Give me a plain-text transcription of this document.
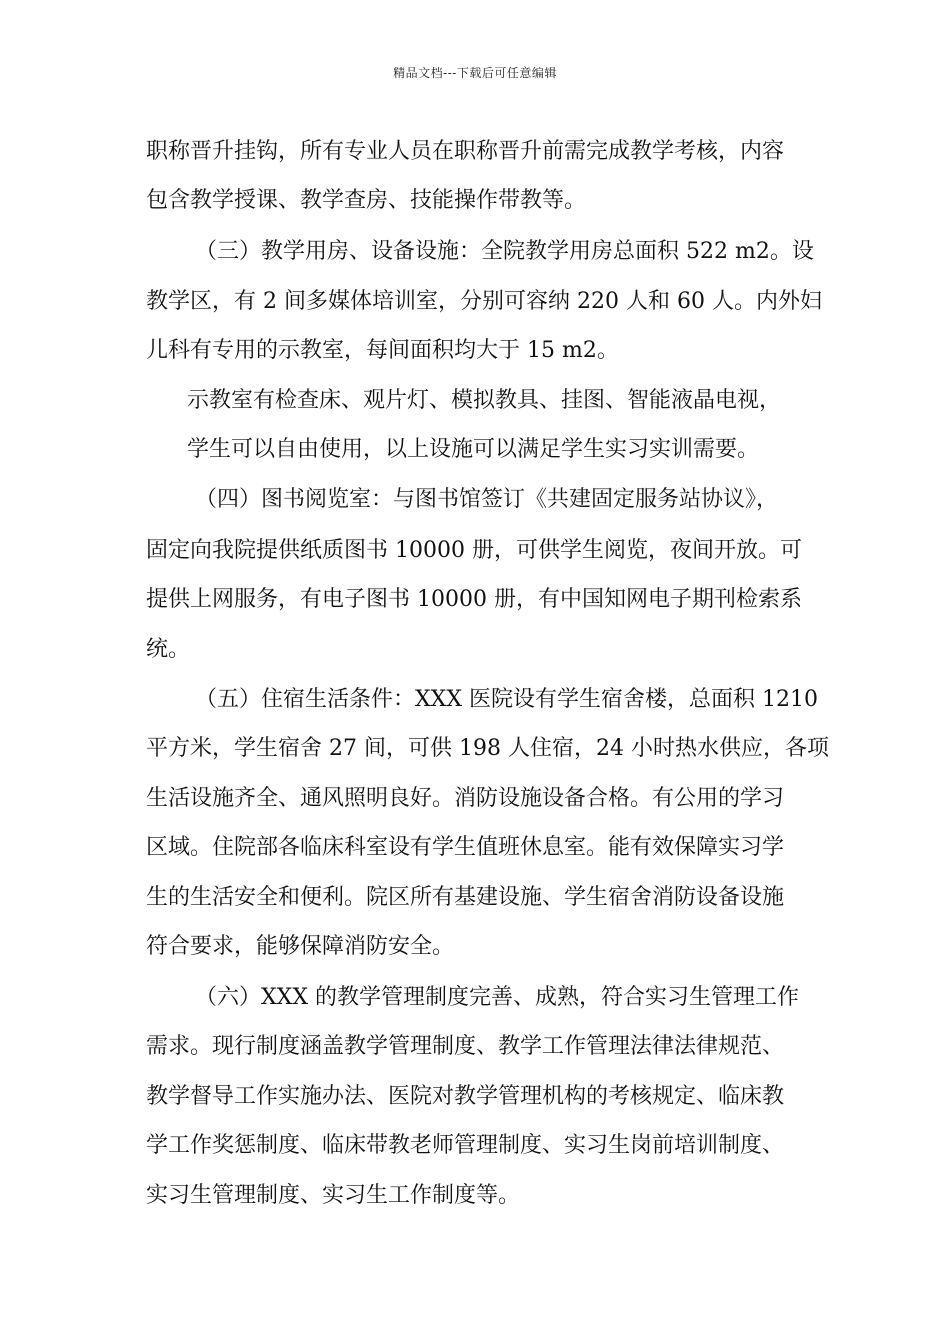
精品文档---下载后可任意编辑
职称晋升挂钩，所有专业人员在职称晋升前需完成教学考核，内容
包含教学授课、教学查房、技能操作带教等。
（三）教学用房、设备设施：全院教学用房总面积 522 m2。设
教学区，有 2 间多媒体培训室，分别可容纳 220 人和 60 人。内外妇
儿科有专用的示教室，每间面积均大于 15 m2。
示教室有检查床、观片灯、模拟教具、挂图、智能液晶电视，
学生可以自由使用，以上设施可以满足学生实习实训需要。
（四）图书阅览室：与图书馆签订《共建固定服务站协议》，
固定向我院提供纸质图书 10000 册，可供学生阅览，夜间开放。可
提供上网服务，有电子图书 10000 册，有中国知网电子期刊检索系
统。
（五）住宿生活条件：XXX 医院设有学生宿舍楼，总面积 1210
平方米，学生宿舍 27 间，可供 198 人住宿，24 小时热水供应，各项
生活设施齐全、通风照明良好。消防设施设备合格。有公用的学习
区域。住院部各临床科室设有学生值班休息室。能有效保障实习学
生的生活安全和便利。院区所有基建设施、学生宿舍消防设备设施
符合要求，能够保障消防安全。
（六）XXX 的教学管理制度完善、成熟，符合实习生管理工作
需求。现行制度涵盖教学管理制度、教学工作管理法律法律规范、
教学督导工作实施办法、医院对教学管理机构的考核规定、临床教
学工作奖惩制度、临床带教老师管理制度、实习生岗前培训制度、
实习生管理制度、实习生工作制度等。
